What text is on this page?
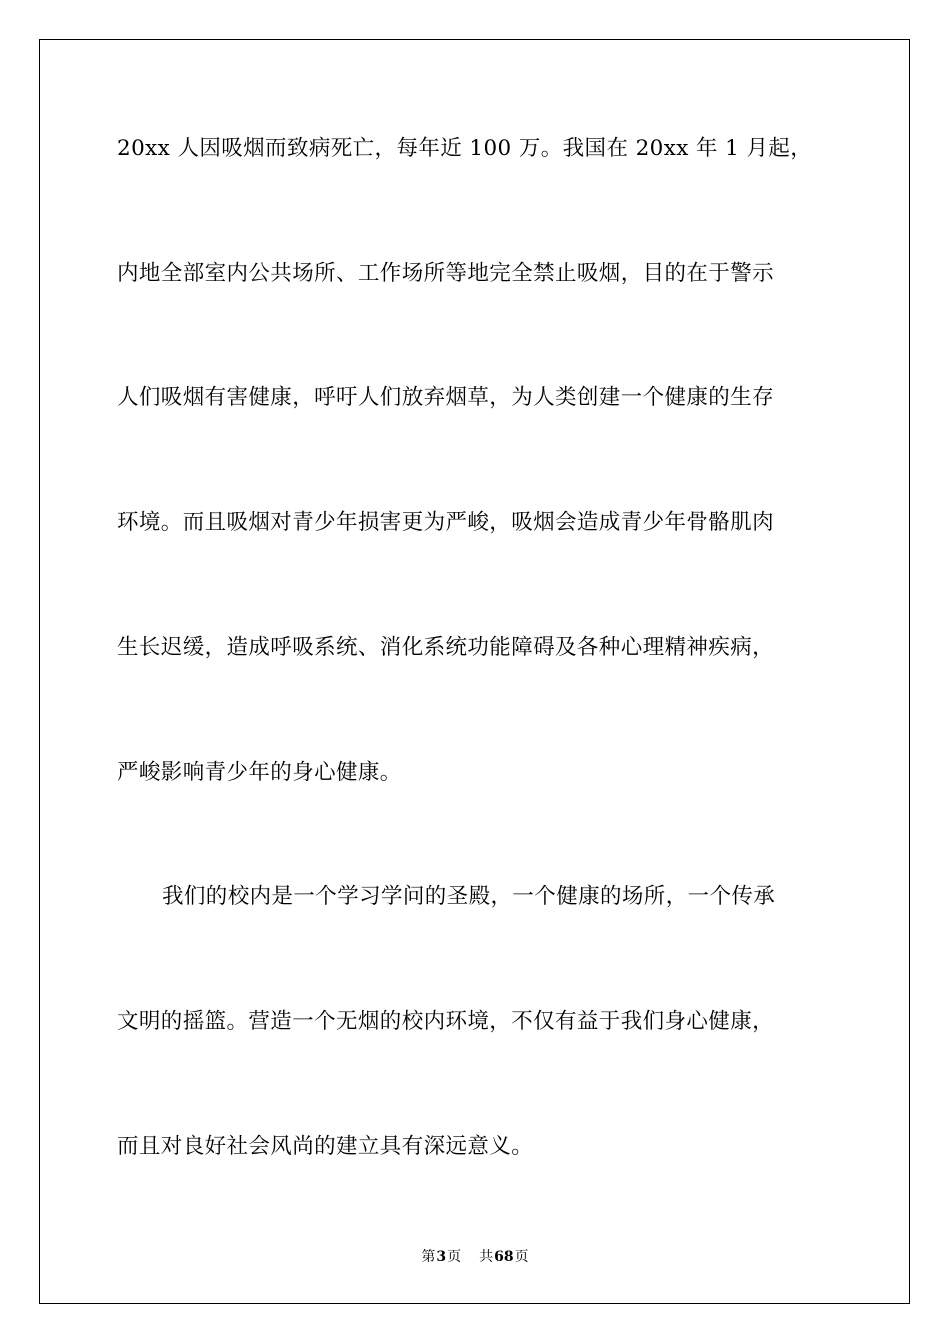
20xx 人因吸烟而致病死亡，每年近 100 万。我国在 20xx 年 1 月起，
内地全部室内公共场所、工作场所等地完全禁止吸烟，目的在于警示
人们吸烟有害健康，呼吁人们放弃烟草，为人类创建一个健康的生存
环境。而且吸烟对青少年损害更为严峻，吸烟会造成青少年骨骼肌肉
生长迟缓，造成呼吸系统、消化系统功能障碍及各种心理精神疾病，
严峻影响青少年的身心健康。
我们的校内是一个学习学问的圣殿，一个健康的场所，一个传承
文明的摇篮。营造一个无烟的校内环境，不仅有益于我们身心健康，
而且对良好社会风尚的建立具有深远意义。
第3页 共68页
